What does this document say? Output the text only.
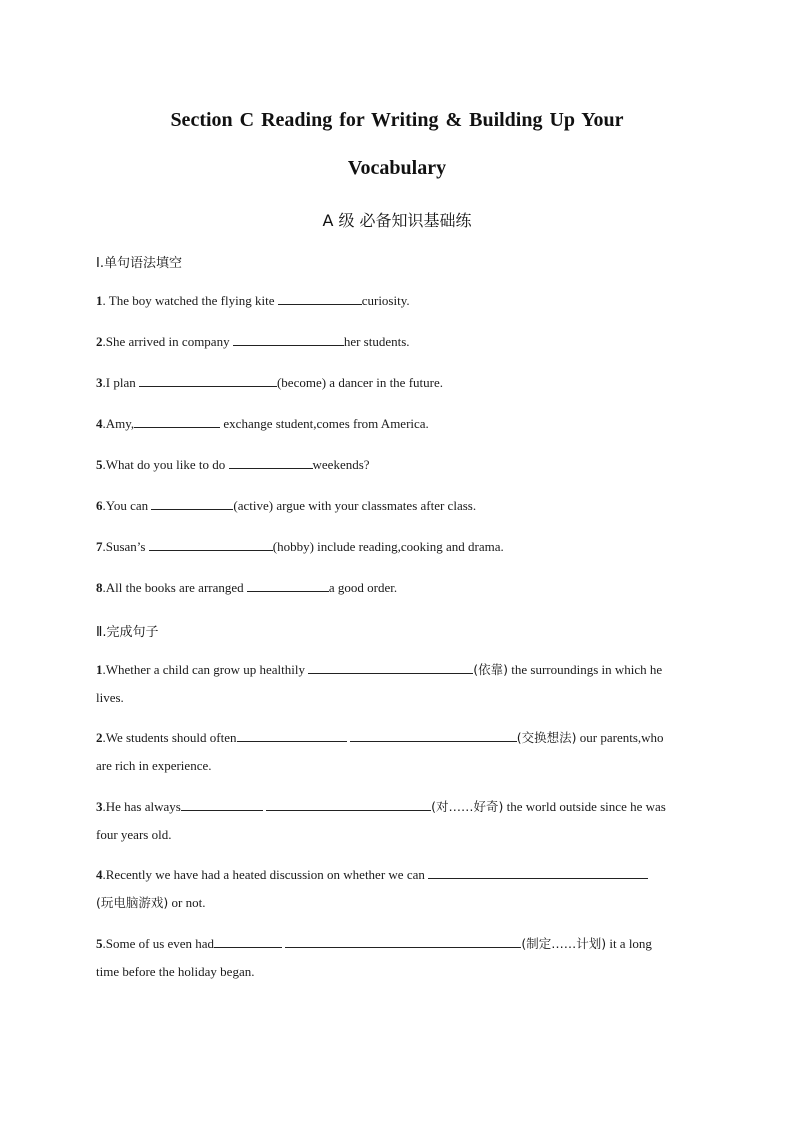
Section C Reading for Writing & Building Up Your
Vocabulary
A 级 必备知识基础练
Ⅰ.单句语法填空
1. The boy watched the flying kite	curiosity.
2.She arrived in company	her students.
3.I plan	(become) a dancer in the future.
4.Amy,	exchange student,comes from America.
5.What do you like to do	weekends?
6.You can	(active) argue with your classmates after class.
7.Susan’s	(hobby) include reading,cooking and drama.
8.All the books are arranged	a good order.
Ⅱ.完成句子
1.Whether a child can grow up healthily	(依靠) the surroundings in which he
lives.
2.We students should often	(交换想法) our parents,who
are rich in experience.
3.He has always	(对……好奇) the world outside since he was
four years old.
4.Recently we have had a heated discussion on whether we can
(玩电脑游戏) or not.
5.Some of us even had	(制定……计划) it a long
time before the holiday began.
